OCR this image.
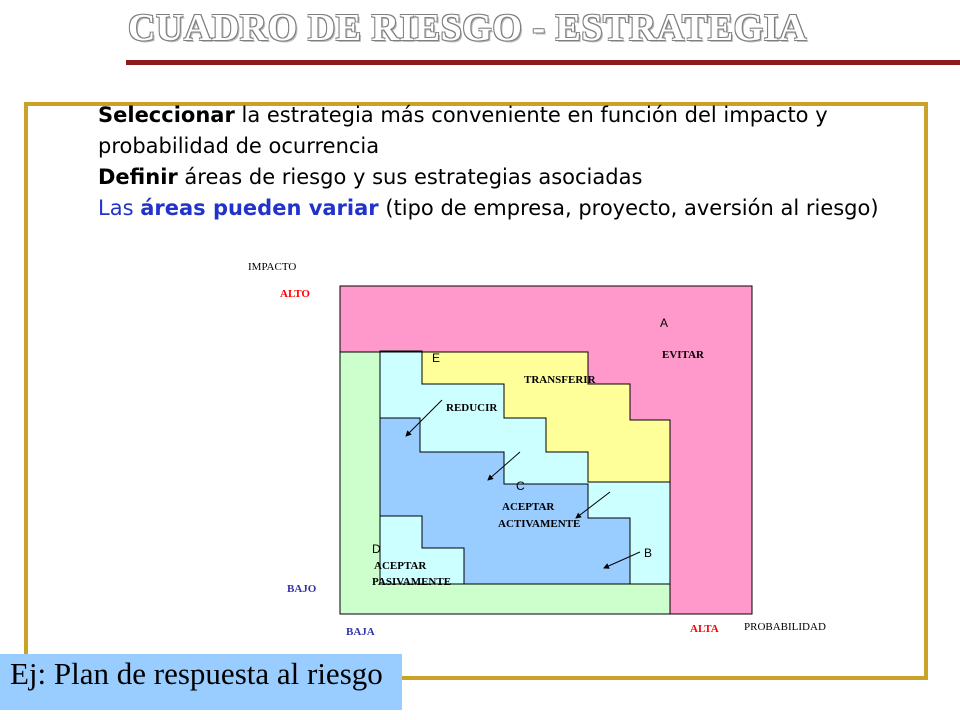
CUADRO DE RIESGO - ESTRATEGIA

Seleccionar la estrategia más conveniente en función del impacto y probabilidad de ocurrencia

Definir áreas de riesgo y sus estrategias asociadas

Las áreas pueden variar (tipo de empresa, proyecto, aversión al riesgo)

IMPACTO
ALTO
BAJO
BAJA	ALTA PROBABILIDAD
A
EVITAR
E
TRANSFERIR
REDUCIR
C
ACEPTAR
ACTIVAMENTE
D
ACEPTAR
PASIVAMENTE
B
Ej: Plan de respuesta al riesgo
